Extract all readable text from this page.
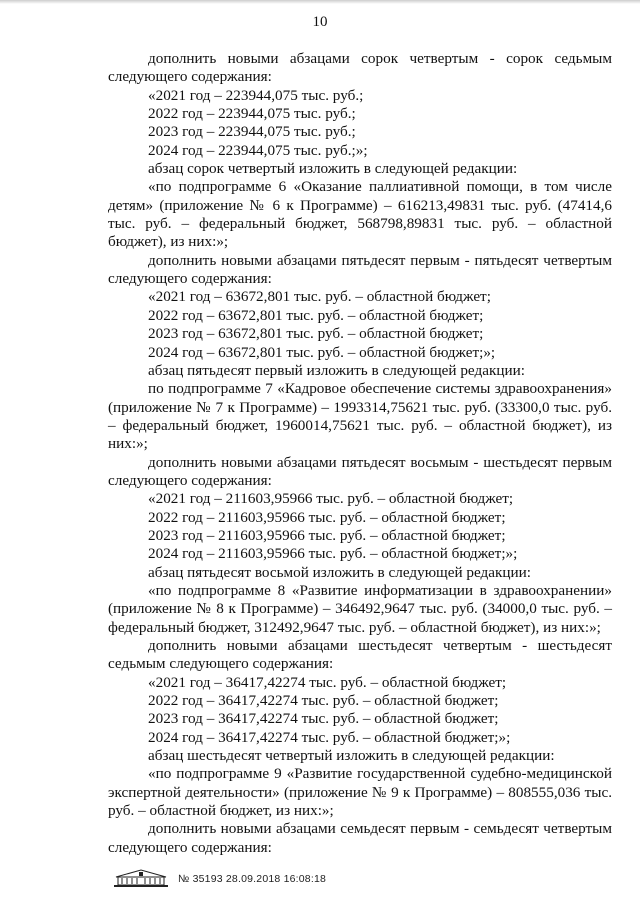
10

дополнить новыми абзацами сорок четвертым - сорок седьмым следующего содержания:

«2021 год – 223944,075 тыс. руб.;

2022 год – 223944,075 тыс. руб.;

2023 год – 223944,075 тыс. руб.;

2024 год – 223944,075 тыс. руб.;»;

абзац сорок четвертый изложить в следующей редакции:

«по подпрограмме 6 «Оказание паллиативной помощи, в том числе детям» (приложение № 6 к Программе) – 616213,49831 тыс. руб. (47414,6 тыс. руб. – федеральный бюджет, 568798,89831 тыс. руб. – областной бюджет), из них:»;

дополнить новыми абзацами пятьдесят первым - пятьдесят четвертым следующего содержания:

«2021 год – 63672,801 тыс. руб. – областной бюджет;

2022 год – 63672,801 тыс. руб. – областной бюджет;

2023 год – 63672,801 тыс. руб. – областной бюджет;

2024 год – 63672,801 тыс. руб. – областной бюджет;»;

абзац пятьдесят первый изложить в следующей редакции:

по подпрограмме 7 «Кадровое обеспечение системы здравоохранения» (приложение № 7 к Программе) – 1993314,75621 тыс. руб. (33300,0 тыс. руб. – федеральный бюджет, 1960014,75621 тыс. руб. – областной бюджет), из них:»;

дополнить новыми абзацами пятьдесят восьмым - шестьдесят первым следующего содержания:

«2021 год – 211603,95966 тыс. руб. – областной бюджет;

2022 год – 211603,95966 тыс. руб. – областной бюджет;

2023 год – 211603,95966 тыс. руб. – областной бюджет;

2024 год – 211603,95966 тыс. руб. – областной бюджет;»;

абзац пятьдесят восьмой изложить в следующей редакции:

«по подпрограмме 8 «Развитие информатизации в здравоохранении» (приложение № 8 к Программе) – 346492,9647 тыс. руб. (34000,0 тыс. руб. – федеральный бюджет, 312492,9647 тыс. руб. – областной бюджет), из них:»;

дополнить новыми абзацами шестьдесят четвертым - шестьдесят седьмым следующего содержания:

«2021 год – 36417,42274 тыс. руб. – областной бюджет;

2022 год – 36417,42274 тыс. руб. – областной бюджет;

2023 год – 36417,42274 тыс. руб. – областной бюджет;

2024 год – 36417,42274 тыс. руб. – областной бюджет;»;

абзац шестьдесят четвертый изложить в следующей редакции:

«по подпрограмме 9 «Развитие государственной судебно-медицинской экспертной деятельности» (приложение № 9 к Программе) – 808555,036 тыс. руб. – областной бюджет, из них:»;

дополнить новыми абзацами семьдесят первым - семьдесят четвертым следующего содержания:

№ 35193 28.09.2018 16:08:18
